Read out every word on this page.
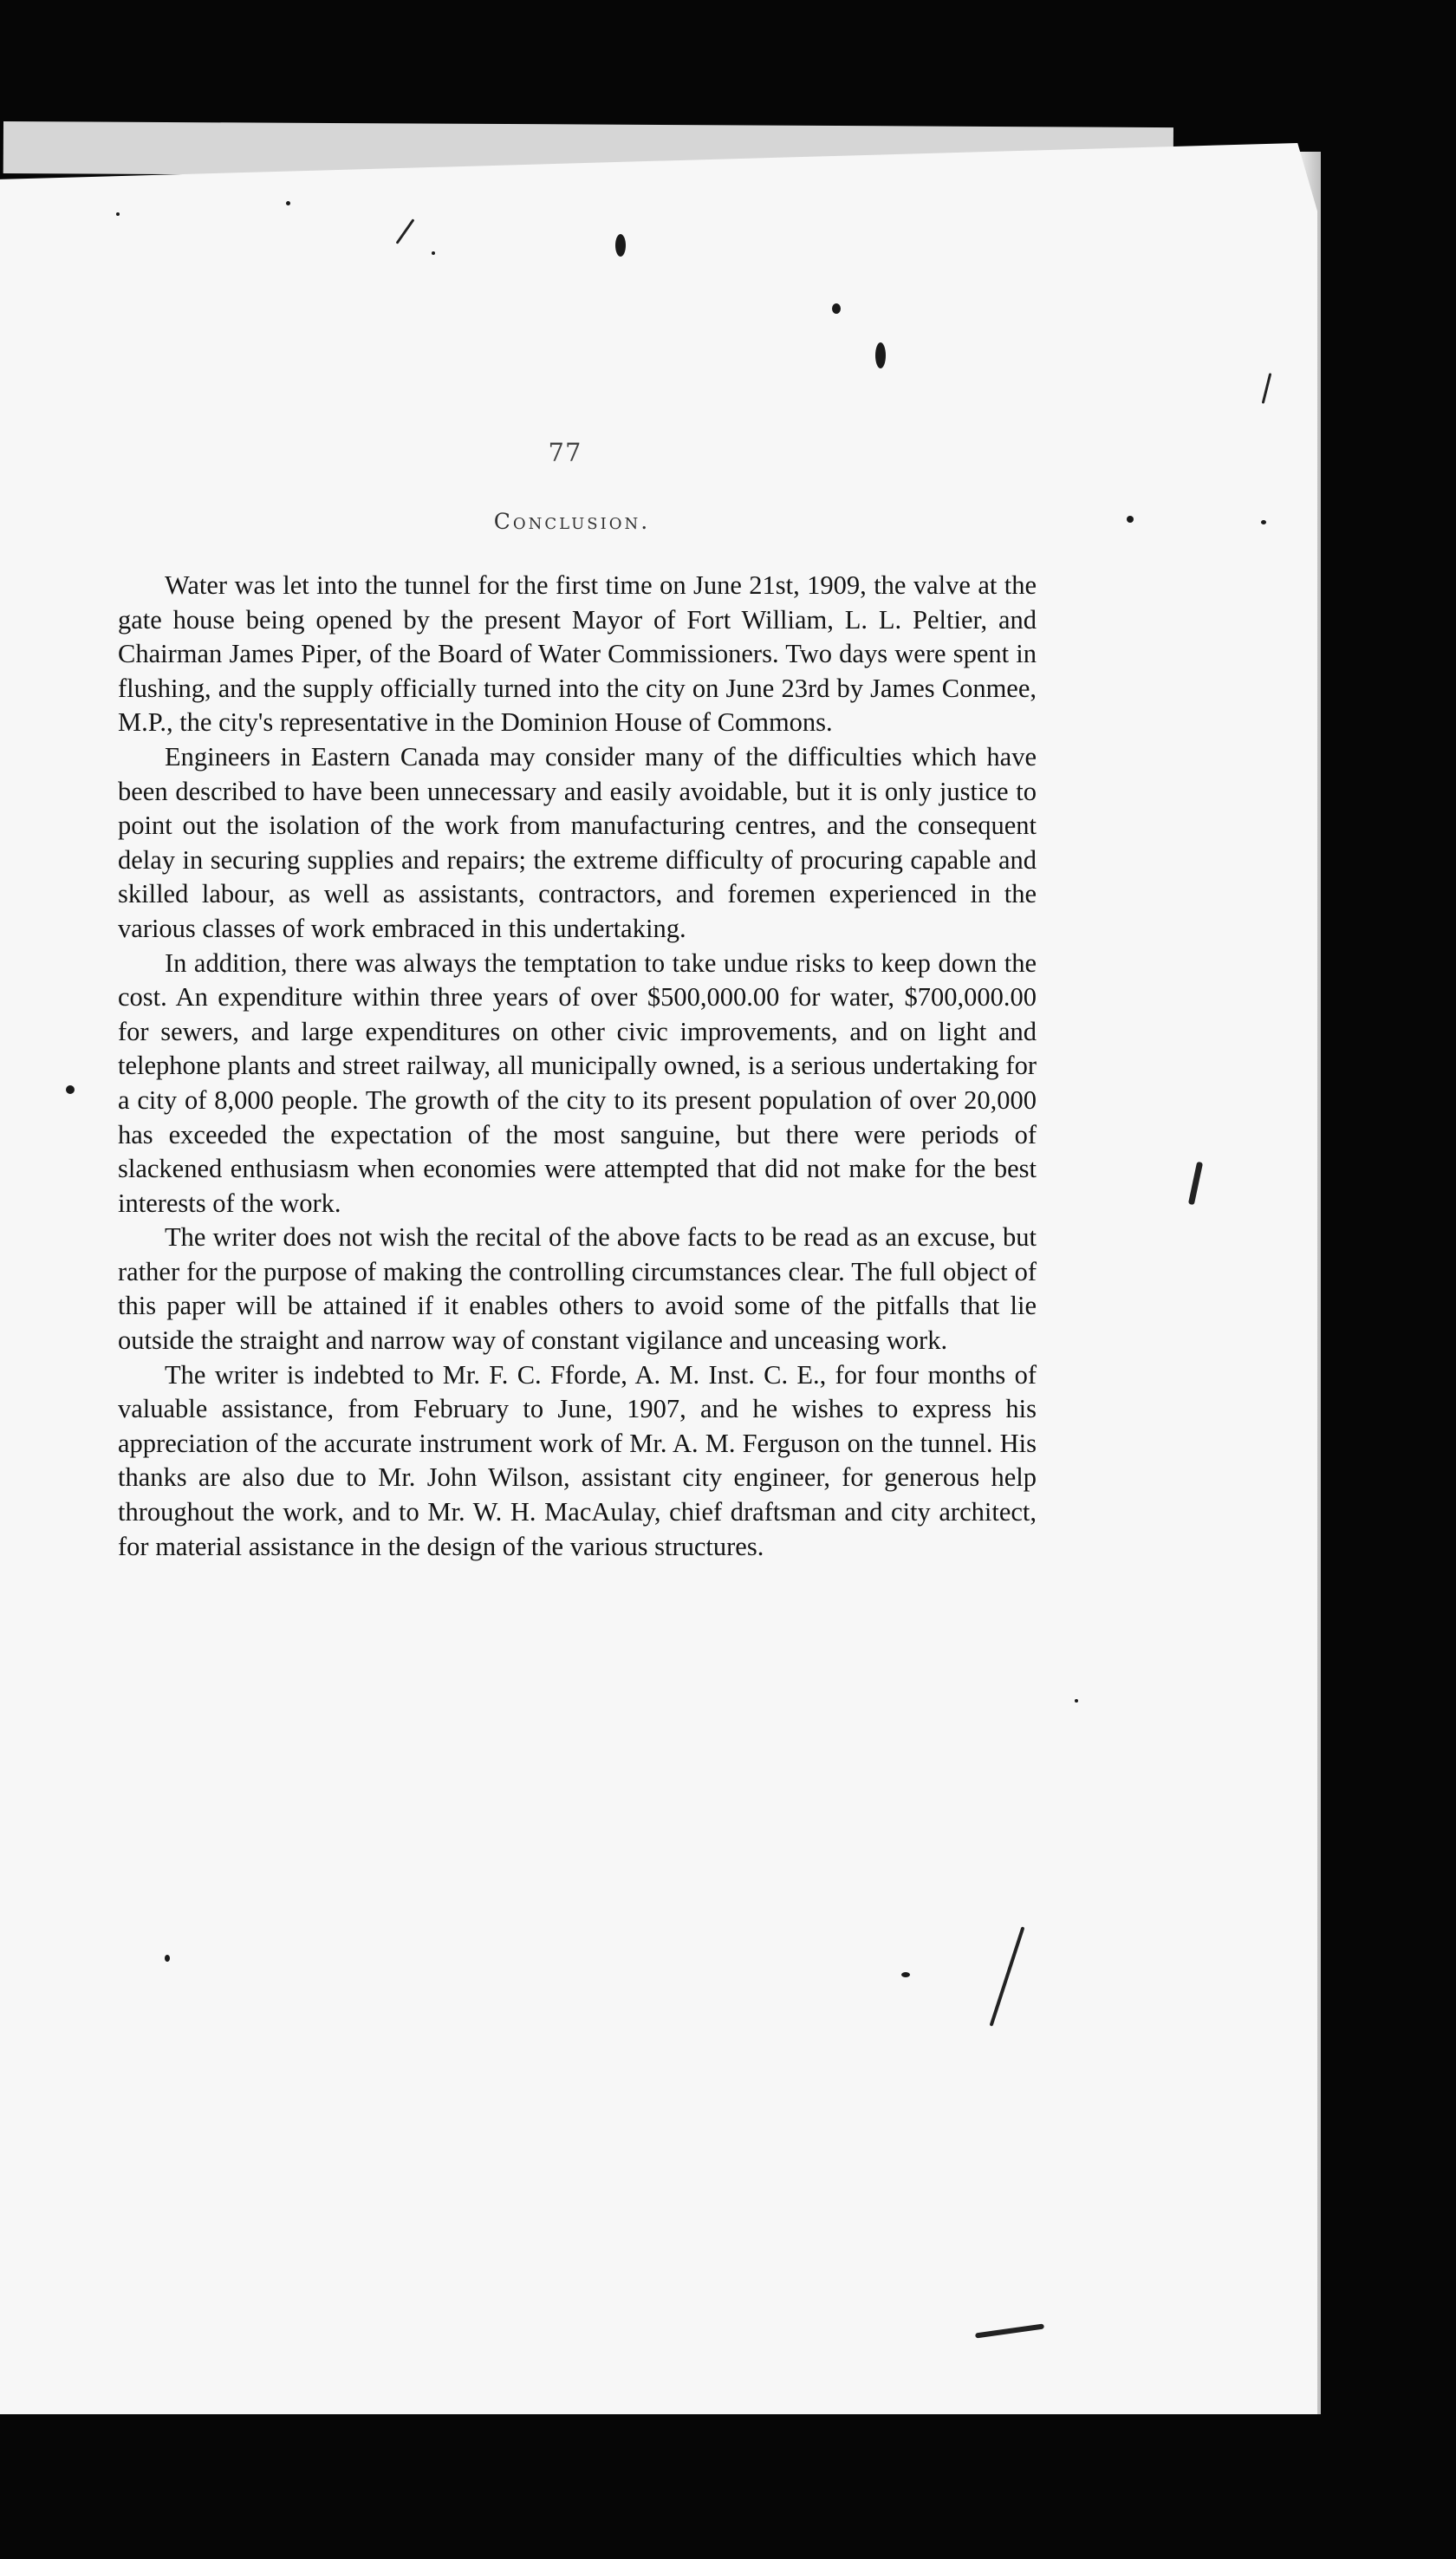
77
Conclusion.

Water was let into the tunnel for the first time on June 21st, 1909, the valve at the gate house being opened by the present Mayor of Fort William, L. L. Peltier, and Chairman James Piper, of the Board of Water Commissioners. Two days were spent in flushing, and the supply officially turned into the city on June 23rd by James Conmee, M.P., the city's representative in the Dominion House of Commons.

Engineers in Eastern Canada may consider many of the difficulties which have been described to have been unnecessary and easily avoidable, but it is only justice to point out the isolation of the work from manufacturing centres, and the consequent delay in securing supplies and repairs; the extreme difficulty of procuring capable and skilled labour, as well as assistants, contractors, and foremen experienced in the various classes of work embraced in this undertaking.

In addition, there was always the temptation to take undue risks to keep down the cost. An expenditure within three years of over $500,000.00 for water, $700,000.00 for sewers, and large expenditures on other civic improvements, and on light and telephone plants and street railway, all municipally owned, is a serious undertaking for a city of 8,000 people. The growth of the city to its present population of over 20,000 has exceeded the expectation of the most sanguine, but there were periods of slackened enthusiasm when economies were attempted that did not make for the best interests of the work.

The writer does not wish the recital of the above facts to be read as an excuse, but rather for the purpose of making the controlling circumstances clear. The full object of this paper will be attained if it enables others to avoid some of the pitfalls that lie outside the straight and narrow way of constant vigilance and unceasing work.

The writer is indebted to Mr. F. C. Fforde, A. M. Inst. C. E., for four months of valuable assistance, from February to June, 1907, and he wishes to express his appreciation of the accurate instrument work of Mr. A. M. Ferguson on the tunnel. His thanks are also due to Mr. John Wilson, assistant city engineer, for generous help throughout the work, and to Mr. W. H. MacAulay, chief draftsman and city architect, for material assistance in the design of the various structures.
